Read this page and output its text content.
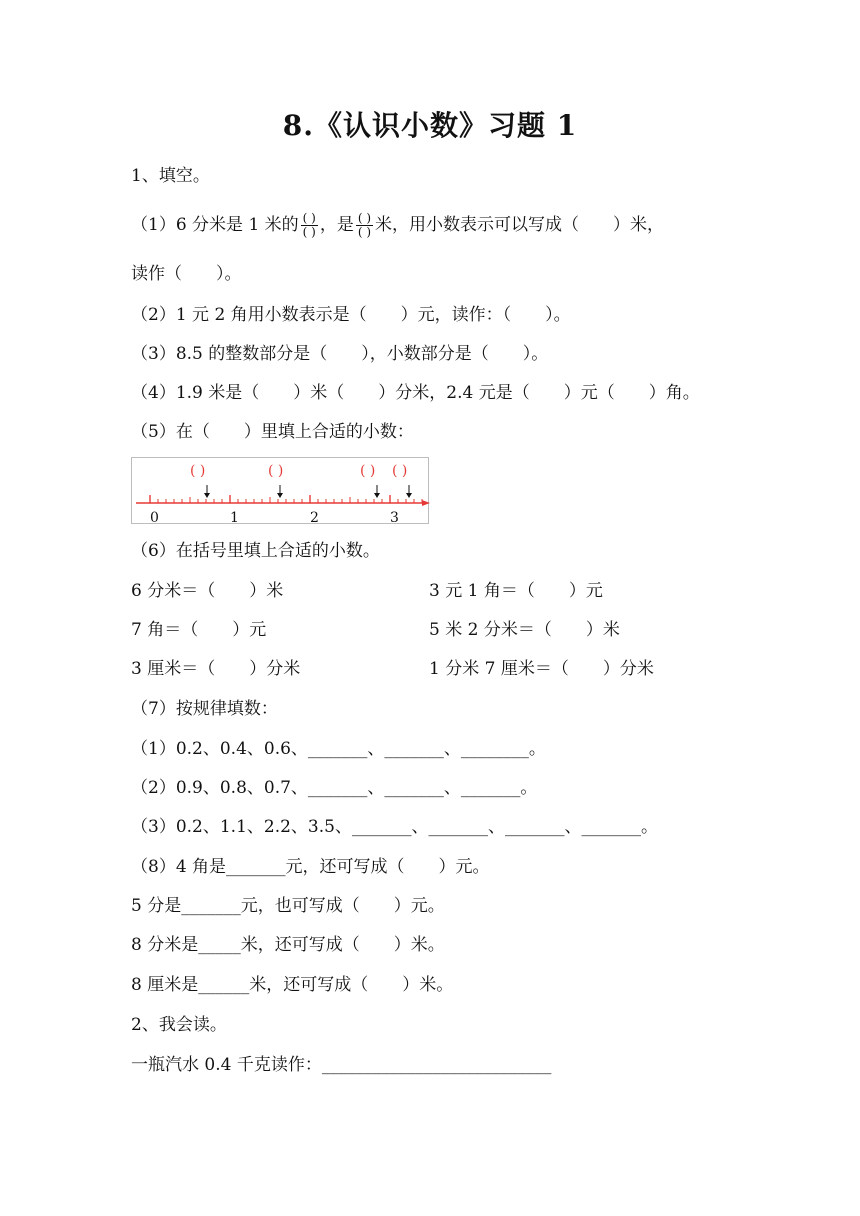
8.《认识小数》习题 1
1、填空。
（1）6 分米是 1 米的 $\frac{( )}{( )}$ ，是 $\frac{( )}{( )}$ 米，用小数表示可以写成（　　）米，
读作（　　）。
（2）1 元 2 角用小数表示是（　　）元，读作：（　　）。
（3）8.5 的整数部分是（　　），小数部分是（　　）。
（4）1.9 米是（　　）米（　　）分米，2.4 元是（　　）元（　　）角。
（5）在（　　）里填上合适的小数：
0	1	2	3
( )	( )	( ) ( )
（6）在括号里填上合适的小数。
6 分米＝（　　）米	3 元 1 角＝（　　）元
7 角＝（　　）元	5 米 2 分米＝（　　）米
3 厘米＝（　　）分米	1 分米 7 厘米＝（　　）分米
（7）按规律填数：
（1）0.2、0.4、0.6、_______、_______、________。
（2）0.9、0.8、0.7、_______、_______、_______。
（3）0.2、1.1、2.2、3.5、_______、_______、_______、_______。
（8）4 角是_______元，还可写成（　　）元。
5 分是_______元，也可写成（　　）元。
8 分米是_____米，还可写成（　　）米。
8 厘米是______米，还可写成（　　）米。
2、我会读。
一瓶汽水 0.4 千克读作：___________________________
